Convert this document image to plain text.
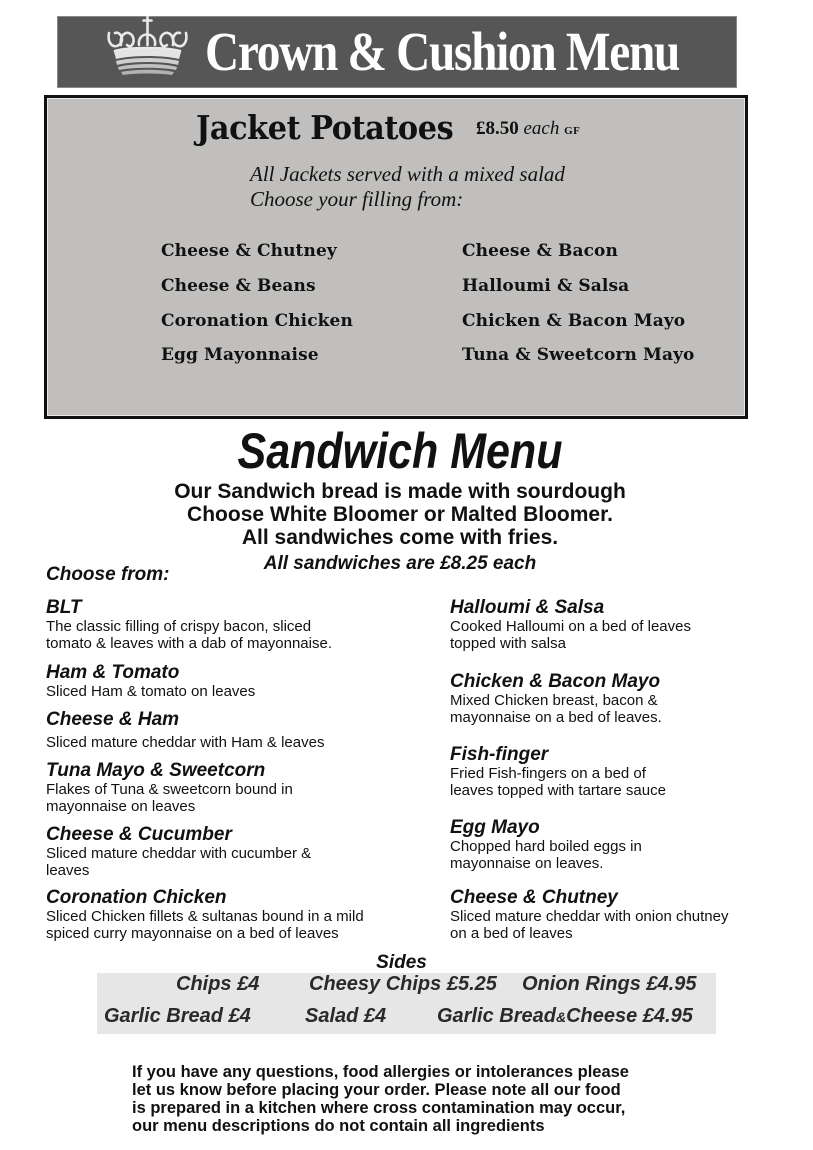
Crown & Cushion Menu
Jacket Potatoes £8.50 each GF
All Jackets served with a mixed salad
Choose your filling from:
Cheese & Chutney
Cheese & Beans
Coronation Chicken
Egg Mayonnaise
Cheese & Bacon
Halloumi & Salsa
Chicken & Bacon Mayo
Tuna & Sweetcorn Mayo
Sandwich Menu
Our Sandwich bread is made with sourdough
Choose White Bloomer or Malted Bloomer.
All sandwiches come with fries.
All sandwiches are £8.25 each
Choose from:
BLT
The classic filling of crispy bacon, sliced
tomato & leaves with a dab of mayonnaise.
Ham & Tomato
Sliced Ham & tomato on leaves
Cheese & Ham
Sliced mature cheddar with Ham & leaves
Tuna Mayo & Sweetcorn
Flakes of Tuna & sweetcorn bound in
mayonnaise on leaves
Cheese & Cucumber
Sliced mature cheddar with cucumber &
leaves
Coronation Chicken
Sliced Chicken fillets & sultanas bound in a mild
spiced curry mayonnaise on a bed of leaves
Halloumi & Salsa
Cooked Halloumi on a bed of leaves
topped with salsa
Chicken & Bacon Mayo
Mixed Chicken breast, bacon &
mayonnaise on a bed of leaves.
Fish-finger
Fried Fish-fingers on a bed of
leaves topped with tartare sauce
Egg Mayo
Chopped hard boiled eggs in
mayonnaise on leaves.
Cheese & Chutney
Sliced mature cheddar with onion chutney
on a bed of leaves
Sides
Chips £4 Cheesy Chips £5.25 Onion Rings £4.95
Garlic Bread £4	Salad £4	Garlic Bread&Cheese £4.95
If you have any questions, food allergies or intolerances please
let us know before placing your order. Please note all our food
is prepared in a kitchen where cross contamination may occur,
our menu descriptions do not contain all ingredients
